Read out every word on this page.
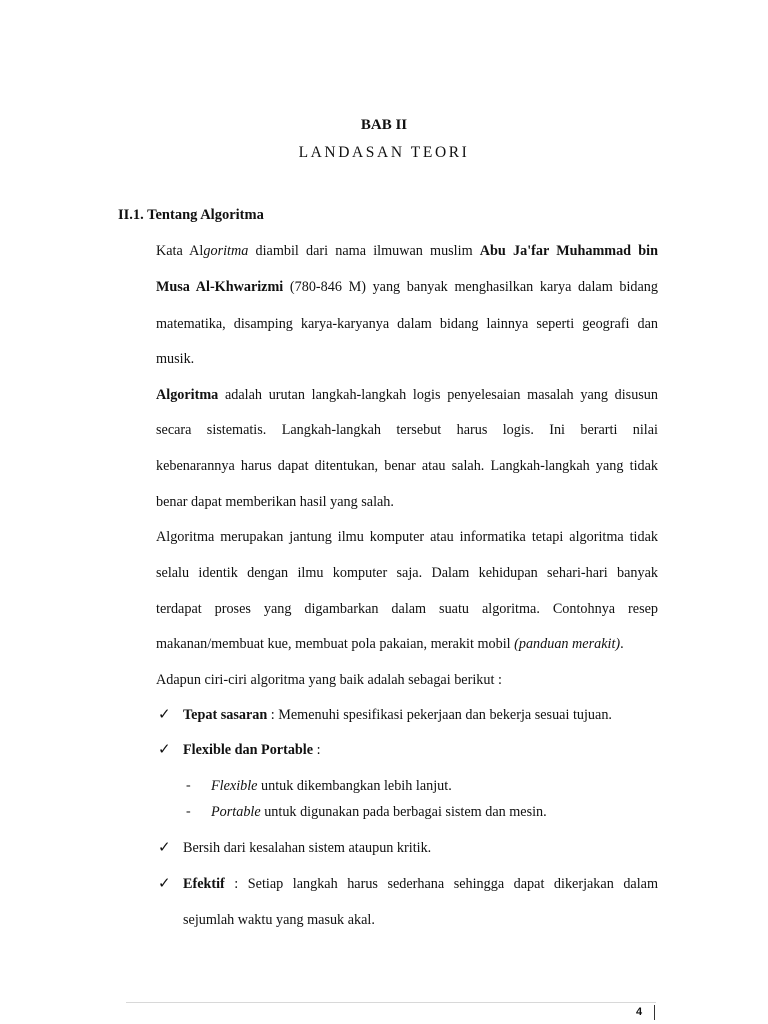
BAB II
LANDASAN TEORI
II.1. Tentang Algoritma
Kata Algoritma diambil dari nama ilmuwan muslim Abu Ja'far Muhammad bin
Musa Al-Khwarizmi (780-846 M) yang banyak menghasilkan karya dalam bidang
matematika, disamping karya-karyanya dalam bidang lainnya seperti geografi dan
musik.
Algoritma adalah urutan langkah-langkah logis penyelesaian masalah yang disusun
secara sistematis. Langkah-langkah tersebut harus logis. Ini berarti nilai
kebenarannya harus dapat ditentukan, benar atau salah. Langkah-langkah yang tidak
benar dapat memberikan hasil yang salah.
Algoritma merupakan jantung ilmu komputer atau informatika tetapi algoritma tidak
selalu identik dengan ilmu komputer saja. Dalam kehidupan sehari-hari banyak
terdapat proses yang digambarkan dalam suatu algoritma. Contohnya resep
makanan/membuat kue, membuat pola pakaian, merakit mobil (panduan merakit).
Adapun ciri-ciri algoritma yang baik adalah sebagai berikut :
✓ Tepat sasaran : Memenuhi spesifikasi pekerjaan dan bekerja sesuai tujuan.
✓ Flexible dan Portable :
- Flexible untuk dikembangkan lebih lanjut.
- Portable untuk digunakan pada berbagai sistem dan mesin.
✓ Bersih dari kesalahan sistem ataupun kritik.
✓ Efektif : Setiap langkah harus sederhana sehingga dapat dikerjakan dalam
sejumlah waktu yang masuk akal.
4
